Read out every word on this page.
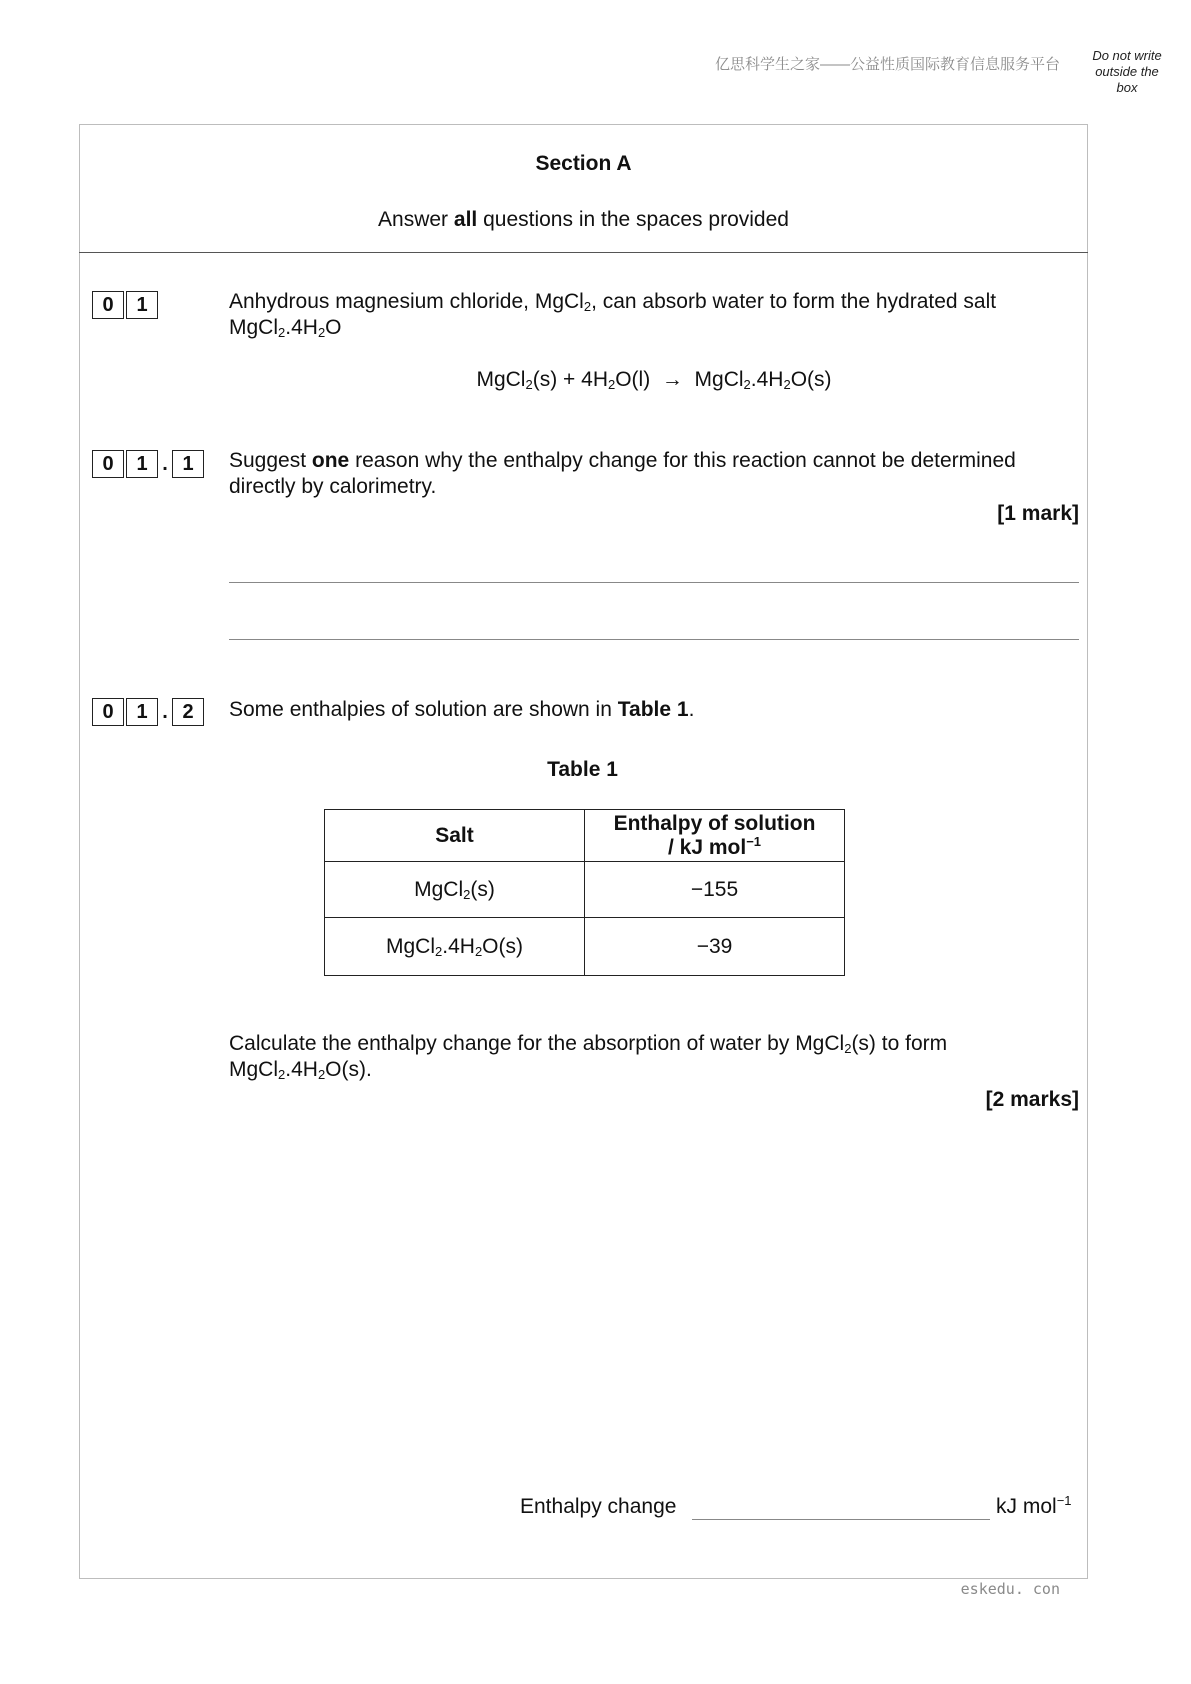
亿思科学生之家——公益性质国际教育信息服务平台
Do not write
outside the
box
Section A
Answer all questions in the spaces provided
0	1	Anhydrous magnesium chloride, MgCl$_2$, can absorb water to form the hydrated salt
$MgCl_2.4H_2O$
MgCl$_2$(s) + $4H_2O(l)$  →  $MgCl_2.4H_2O(s)$
0	1 . 1	Suggest one reason why the enthalpy change for this reaction cannot be determined
directly by calorimetry.
[1 mark]
0	1 . 2	Some enthalpies of solution are shown in Table 1.
Table 1
Salt	Enthalpy of solution
/ kJ mol$^{-1}$

MgCl$_2$(s)	−155
$MgCl_2.4H_2O(s)$	−39
Calculate the enthalpy change for the absorption of water by MgCl$_2$(s) to form
$MgCl_2.4H_2O(s)$.
[2 marks]
Enthalpy change	kJ mol$^{-1}$
eskedu. con
